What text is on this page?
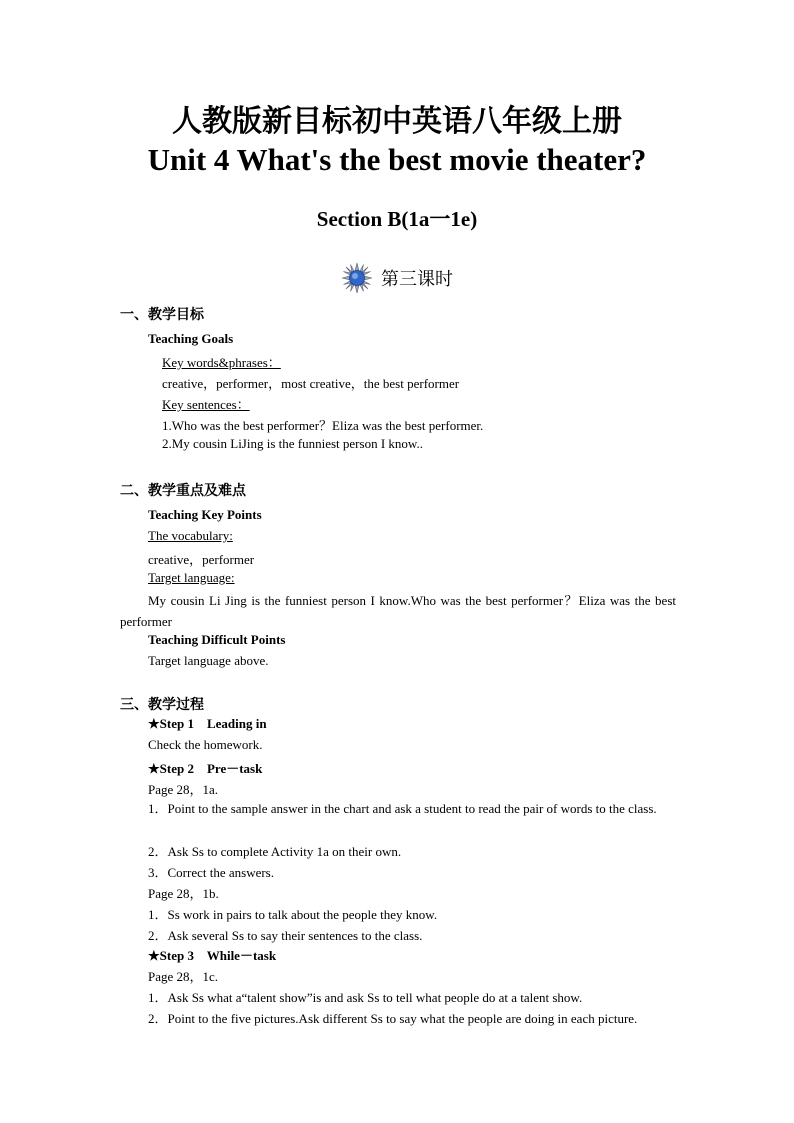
人教版新目标初中英语八年级上册
Unit 4 What's the best movie theater?
Section B(1a一1e)
第三课时
一、教学目标
Teaching Goals
Key words&phrases：
creative，performer，most creative，the best performer
Key sentences：
1.Who was the best performer？Eliza was the best performer.
2.My cousin LiJing is the funniest person I know..
二、教学重点及难点
Teaching Key Points
The vocabulary:
creative，performer
Target language:
My cousin Li Jing is the funniest person I know.Who was the best performer？Eliza was the best performer
Teaching Difficult Points
Target language above.
三、教学过程
★Step 1    Leading in
Check the homework.
★Step 2    Pre－task
Page 28，1a.
1．Point to the sample answer in the chart and ask a student to read the pair of words to the class.
2．Ask Ss to complete Activity 1a on their own.
3．Correct the answers.
Page 28，1b.
1．Ss work in pairs to talk about the people they know.
2．Ask several Ss to say their sentences to the class.
★Step 3    While－task
Page 28，1c.
1．Ask Ss what a“talent show”is and ask Ss to tell what people do at a talent show.
2．Point to the five pictures.Ask different Ss to say what the people are doing in each picture.
